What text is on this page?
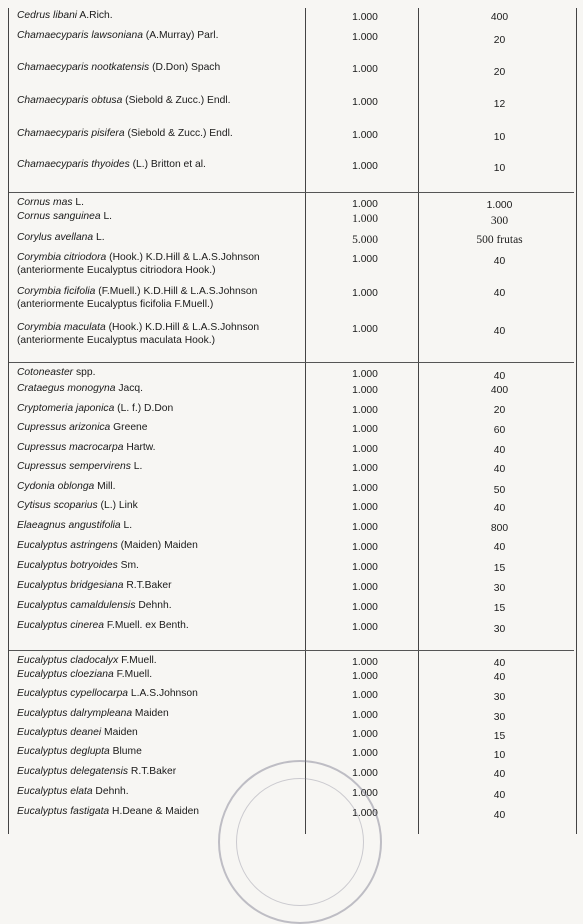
Cedrus libani A.Rich.	1.000	400
Chamaecyparis lawsoniana (A.Murray) Parl.	1.000	20
Chamaecyparis nootkatensis (D.Don) Spach	1.000	20
Chamaecyparis obtusa (Siebold & Zucc.) Endl.	1.000	12
Chamaecyparis pisifera (Siebold & Zucc.) Endl.	1.000	10
Chamaecyparis thyoides (L.) Britton et al.	1.000	10
Cornus mas L.	1.000	1.000
Cornus sanguinea L.	1.000	300
Corylus avellana L.	5.000	500 frutas
Corymbia citriodora (Hook.) K.D.Hill & L.A.S.Johnson
(anteriormente Eucalyptus citriodora Hook.)
1.000	40
Corymbia ficifolia (F.Muell.) K.D.Hill & L.A.S.Johnson
(anteriormente Eucalyptus ficifolia F.Muell.)
1.000	40
Corymbia maculata (Hook.) K.D.Hill & L.A.S.Johnson
(anteriormente Eucalyptus maculata Hook.)
1.000	40
Cotoneaster spp.	1.000	40
Crataegus monogyna Jacq.	1.000	400
Cryptomeria japonica (L. f.) D.Don	1.000	20
Cupressus arizonica Greene	1.000	60
Cupressus macrocarpa Hartw.	1.000	40
Cupressus sempervirens L.	1.000	40
Cydonia oblonga Mill.	1.000	50
Cytisus scoparius (L.) Link	1.000	40
Elaeagnus angustifolia L.	1.000	800
Eucalyptus astringens (Maiden) Maiden	1.000	40
Eucalyptus botryoides Sm.	1.000	15
Eucalyptus bridgesiana R.T.Baker	1.000	30
Eucalyptus camaldulensis Dehnh.	1.000	15
Eucalyptus cinerea F.Muell. ex Benth.	1.000	30
Eucalyptus cladocalyx F.Muell.	1.000	40
Eucalyptus cloeziana F.Muell.	1.000	40
Eucalyptus cypellocarpa L.A.S.Johnson	1.000	30
Eucalyptus dalrympleana Maiden	1.000	30
Eucalyptus deanei Maiden	1.000	15
Eucalyptus deglupta Blume	1.000	10
Eucalyptus delegatensis R.T.Baker	1.000	40
Eucalyptus elata Dehnh.	1.000	40
Eucalyptus fastigata H.Deane & Maiden	1.000	40
